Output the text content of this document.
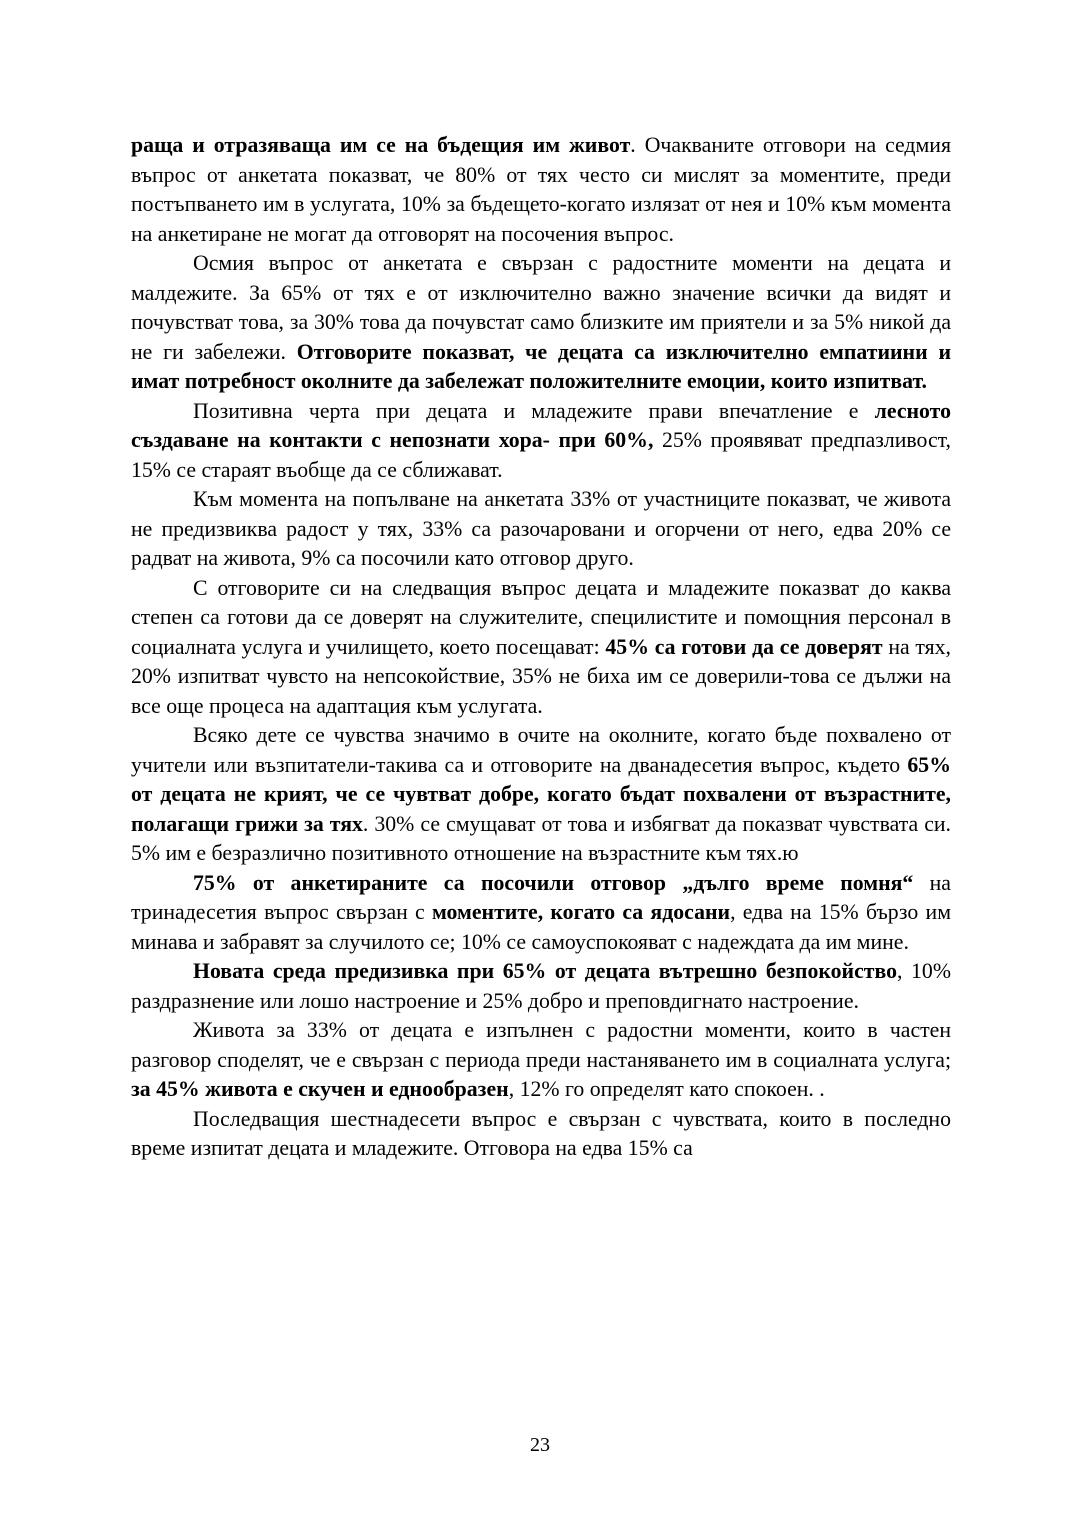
раща и отразяваща им се на бъдещия им живот. Очакваните отговори на седмия въпрос от анкетата показват, че 80% от тях често си мислят за моментите, преди постъпването им в услугата, 10% за бъдещето-когато излязат от нея и 10% към момента на анкетиране не могат да отговорят на посочения въпрос.

Осмия въпрос от анкетата е свързан с радостните моменти на децата и малдежите. За 65% от тях е от изключително важно значение всички да видят и почувстват това, за 30% това да почувстат само близките им приятели и за 5% никой да не ги забележи. Отговорите показват, че децата са изключително емпатиини и имат потребност околните да забележат положителните емоции, които изпитват.

Позитивна черта при децата и младежите прави впечатление е лесното създаване на контакти с непознати хора- при 60%, 25% проявяват предпазливост, 15% се стараят въобще да се сближават.

Към момента на попълване на анкетата 33% от участниците показват, че живота не предизвиква радост у тях, 33% са разочаровани и огорчени от него, едва 20% се радват на живота, 9% са посочили като отговор друго.

С отговорите си на следващия въпрос децата и младежите показват до каква степен са готови да се доверят на служителите, специлистите и помощния персонал в социалната услуга и училището, което посещават: 45% са готови да се доверят на тях, 20% изпитват чувсто на непсокойствие, 35% не биха им се доверили-това се дължи на все още процеса на адаптация към услугата.

Всяко дете се чувства значимо в очите на околните, когато бъде похвалено от учители или възпитатели-такива са и отговорите на дванадесетия въпрос, където 65% от децата не крият, че се чувтват добре, когато бъдат похвалени от възрастните, полагащи грижи за тях. 30% се смущават от това и избягват да показват чувствата си. 5% им е безразлично позитивното отношение на възрастните към тях.ю

75% от анкетираните са посочили отговор „дълго време помня“ на тринадесетия въпрос свързан с моментите, когато са ядосани, едва на 15% бързо им минава и забравят за случилото се; 10% се самоуспокояват с надеждата да им мине.

Новата среда предизивка при 65% от децата вътрешно безпокойство, 10% раздразнение или лошо настроение и 25% добро и преповдигнато настроение.

Живота за 33% от децата е изпълнен с радостни моменти, които в частен разговор споделят, че е свързан с периода преди настаняването им в социалната услуга; за 45% живота е скучен и еднообразен, 12% го определят като спокоен. .

Последващия шестнадесети въпрос е свързан с чувствата, които в последно време изпитат децата и младежите. Отговора на едва 15% са

23
